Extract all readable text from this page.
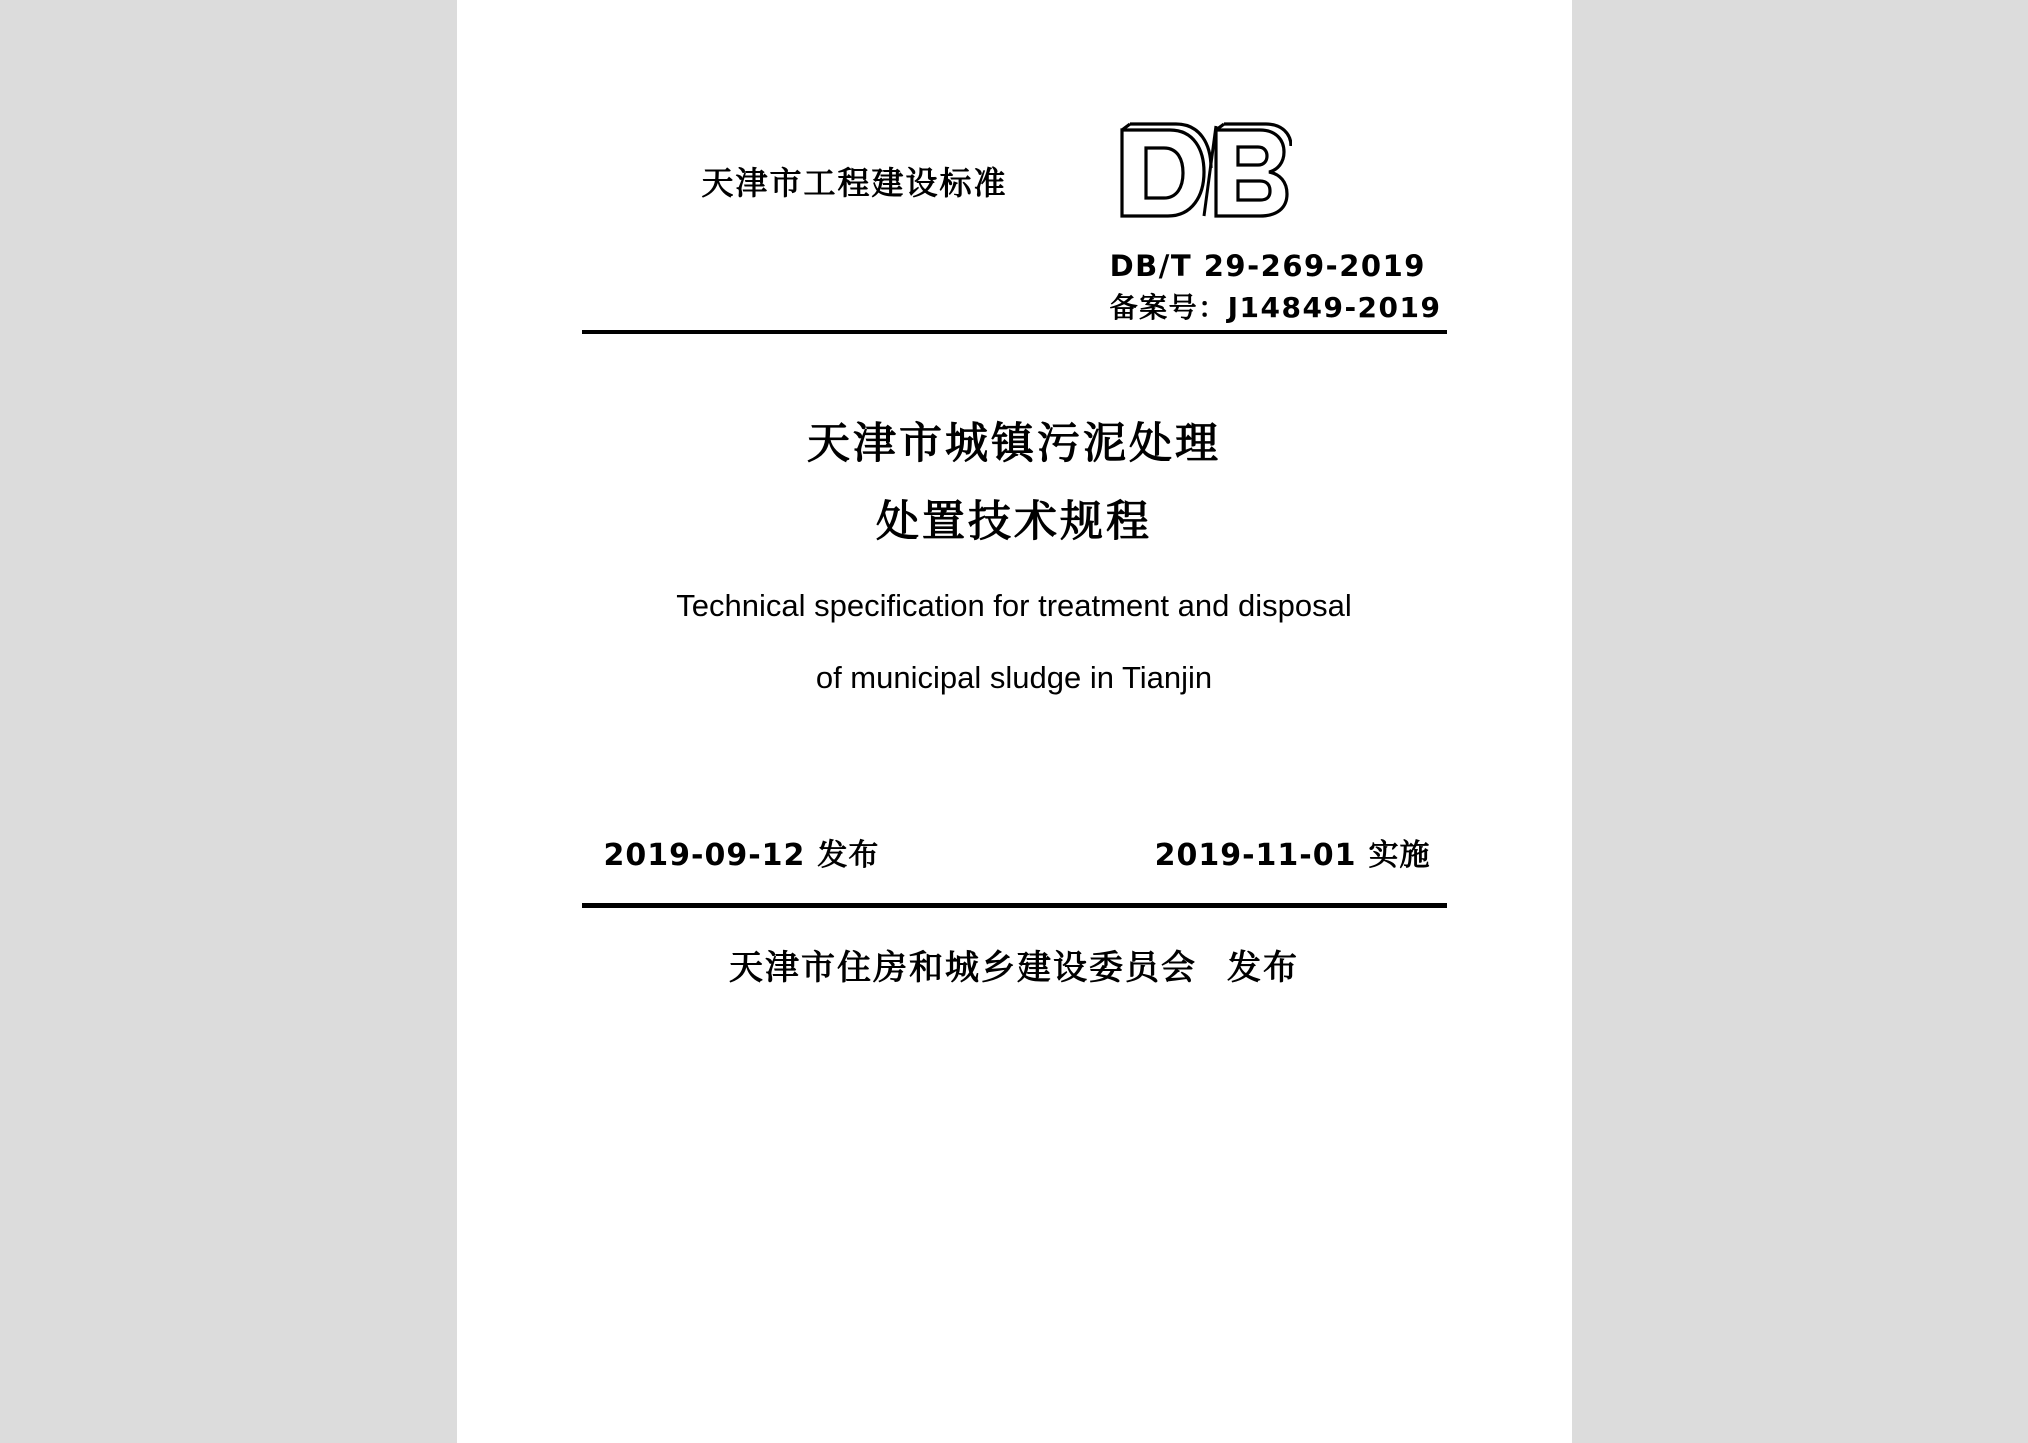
天津市工程建设标准
DB/T 29-269-2019
备案号：J14849-2019
天津市城镇污泥处理
处置技术规程
Technical specification for treatment and disposal
of municipal sludge in Tianjin
2019-09-12 发布	2019-11-01 实施
天津市住房和城乡建设委员会 发布
